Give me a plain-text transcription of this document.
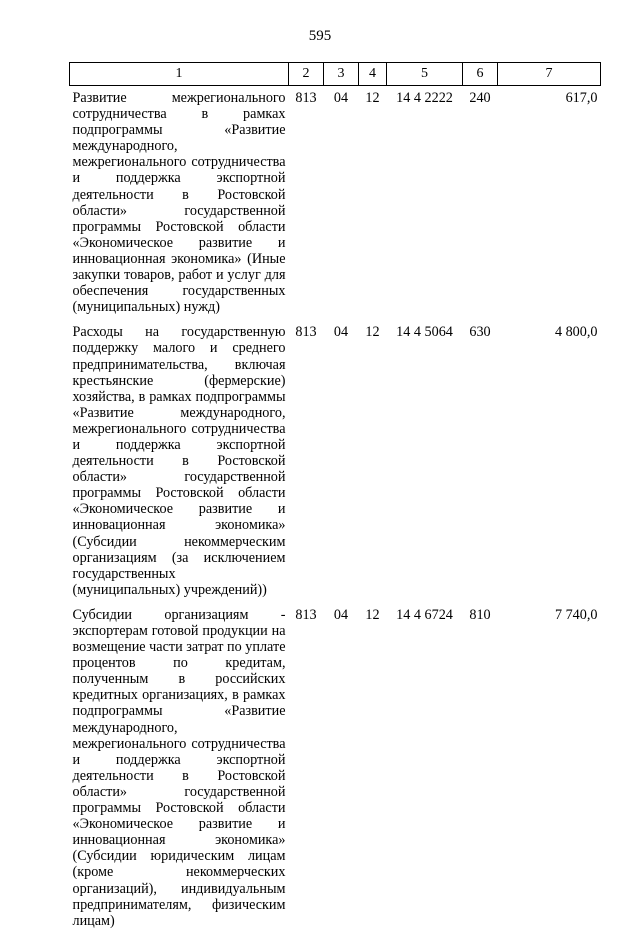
595
1	2	3	4	5	6	7
Развитие межрегионального сотрудничества в рамках подпрограммы «Развитие международного, межрегионального сотрудничества и поддержка экспортной деятельности в Ростовской области» государственной программы Ростовской области «Экономическое развитие и инновационная экономика» (Иные закупки товаров, работ и услуг для обеспечения государственных (муниципальных) нужд)	813	04	12	14 4 2222	240	617,0
Расходы на государственную поддержку малого и среднего предпринимательства, включая крестьянские (фермерские) хозяйства, в рамках подпрограммы «Развитие международного, межрегионального сотрудничества и поддержка экспортной деятельности в Ростовской области» государственной программы Ростовской области «Экономическое развитие и инновационная экономика» (Субсидии некоммерческим организациям (за исключением государственных (муниципальных) учреждений))	813	04	12	14 4 5064	630	4 800,0
Субсидии организациям - экспортерам готовой продукции на возмещение части затрат по уплате процентов по кредитам, полученным в российских кредитных организациях, в рамках подпрограммы «Развитие международного, межрегионального сотрудничества и поддержка экспортной деятельности в Ростовской области» государственной программы Ростовской области «Экономическое развитие и инновационная экономика» (Субсидии юридическим лицам (кроме некоммерческих организаций), индивидуальным предпринимателям, физическим лицам)	813	04	12	14 4 6724	810	7 740,0
